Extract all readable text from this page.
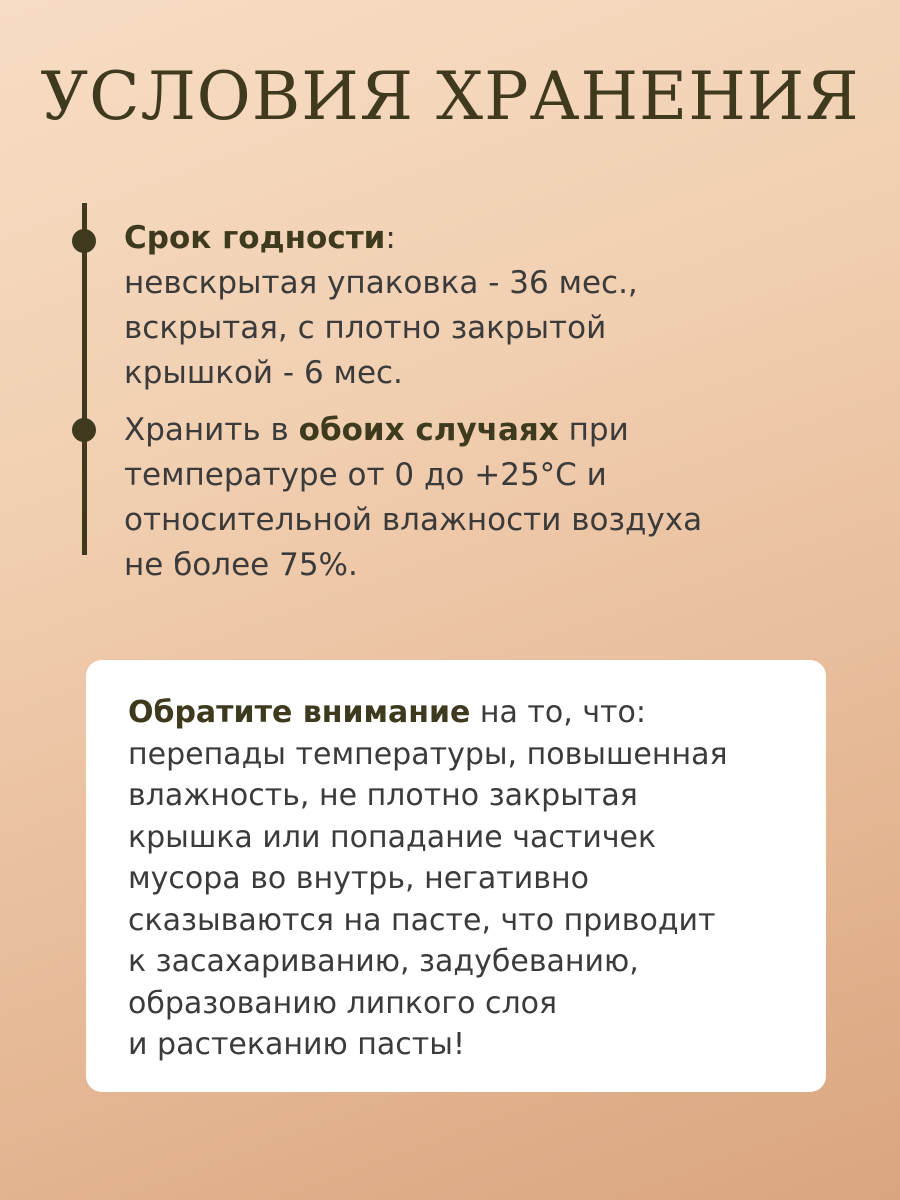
УСЛОВИЯ ХРАНЕНИЯ
Срок годности:
невскрытая упаковка - 36 мес.,
вскрытая, с плотно закрытой
крышкой - 6 мес.
Хранить в обоих случаях при
температуре от 0 до +25°C и
относительной влажности воздуха
не более 75%.
Обратите внимание на то, что:
перепады температуры, повышенная
влажность, не плотно закрытая
крышка или попадание частичек
мусора во внутрь, негативно
сказываются на пасте, что приводит
к засахариванию, задубеванию,
образованию липкого слоя
и растеканию пасты!
